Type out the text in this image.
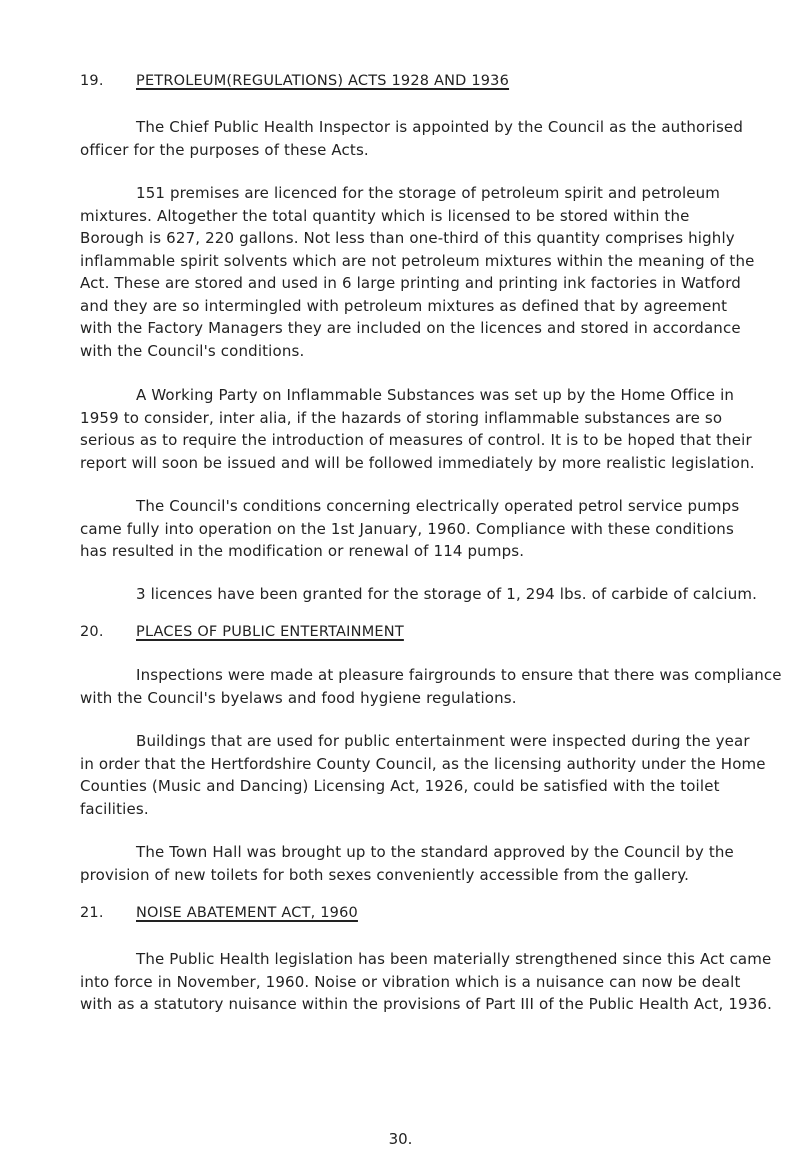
19. PETROLEUM(REGULATIONS) ACTS 1928 AND 1936
The Chief Public Health Inspector is appointed by the Council as the authorised
officer for the purposes of these Acts.
151 premises are licenced for the storage of petroleum spirit and petroleum
mixtures. Altogether the total quantity which is licensed to be stored within the
Borough is 627, 220 gallons. Not less than one-third of this quantity comprises highly
inflammable spirit solvents which are not petroleum mixtures within the meaning of the
Act. These are stored and used in 6 large printing and printing ink factories in Watford
and they are so intermingled with petroleum mixtures as defined that by agreement
with the Factory Managers they are included on the licences and stored in accordance
with the Council's conditions.
A Working Party on Inflammable Substances was set up by the Home Office in
1959 to consider, inter alia, if the hazards of storing inflammable substances are so
serious as to require the introduction of measures of control. It is to be hoped that their
report will soon be issued and will be followed immediately by more realistic legislation.
The Council's conditions concerning electrically operated petrol service pumps
came fully into operation on the 1st January, 1960. Compliance with these conditions
has resulted in the modification or renewal of 114 pumps.
3 licences have been granted for the storage of 1, 294 lbs. of carbide of calcium.
20. PLACES OF PUBLIC ENTERTAINMENT
Inspections were made at pleasure fairgrounds to ensure that there was compliance
with the Council's byelaws and food hygiene regulations.
Buildings that are used for public entertainment were inspected during the year
in order that the Hertfordshire County Council, as the licensing authority under the Home
Counties (Music and Dancing) Licensing Act, 1926, could be satisfied with the toilet
facilities.
The Town Hall was brought up to the standard approved by the Council by the
provision of new toilets for both sexes conveniently accessible from the gallery.
21. NOISE ABATEMENT ACT, 1960
The Public Health legislation has been materially strengthened since this Act came
into force in November, 1960. Noise or vibration which is a nuisance can now be dealt
with as a statutory nuisance within the provisions of Part III of the Public Health Act, 1936.
30.
